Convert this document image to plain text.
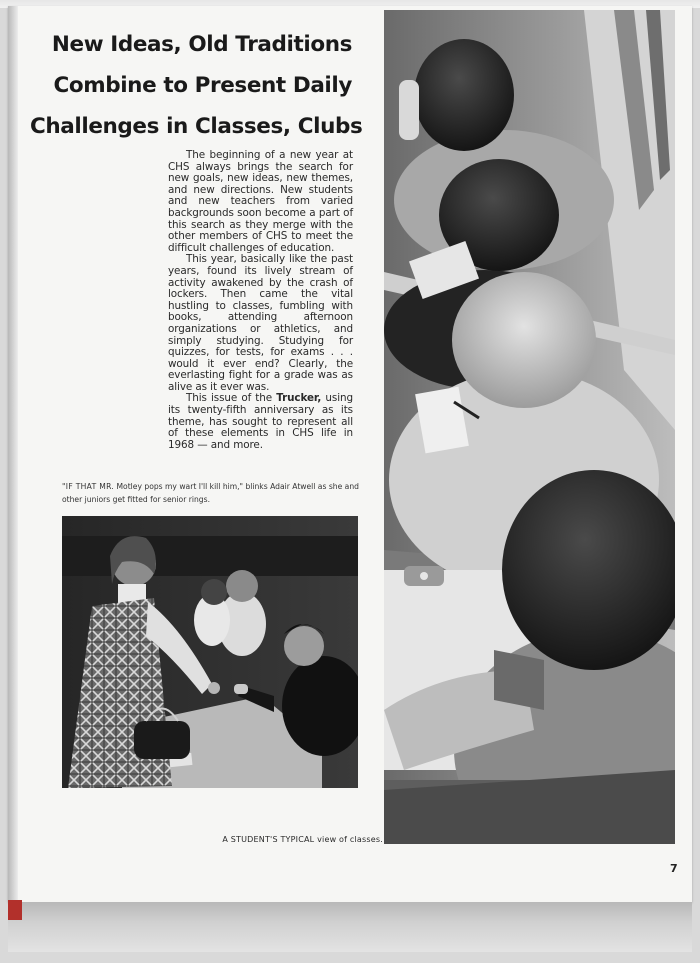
New Ideas, Old Traditions
Combine to Present Daily
Challenges in Classes, Clubs

The beginning of a new year at CHS always brings the search for new goals, new ideas, new themes, and new directions. New students and new teachers from varied backgrounds soon become a part of this search as they merge with the other members of CHS to meet the difficult challenges of education.

This year, basically like the past years, found its lively stream of activity awakened by the crash of lockers. Then came the vital hustling to classes, fumbling with books, attending afternoon organizations or athletics, and simply studying. Studying for quizzes, for tests, for exams . . . would it ever end? Clearly, the everlasting fight for a grade was as alive as it ever was.

This issue of the Trucker, using its twenty-fifth anniversary as its theme, has sought to represent all of these elements in CHS life in 1968 — and more.

"IF THAT MR. Motley pops my wart I'll kill him," blinks Adair Atwell as she and other juniors get fitted for senior rings.
A STUDENT'S TYPICAL view of classes.
7
